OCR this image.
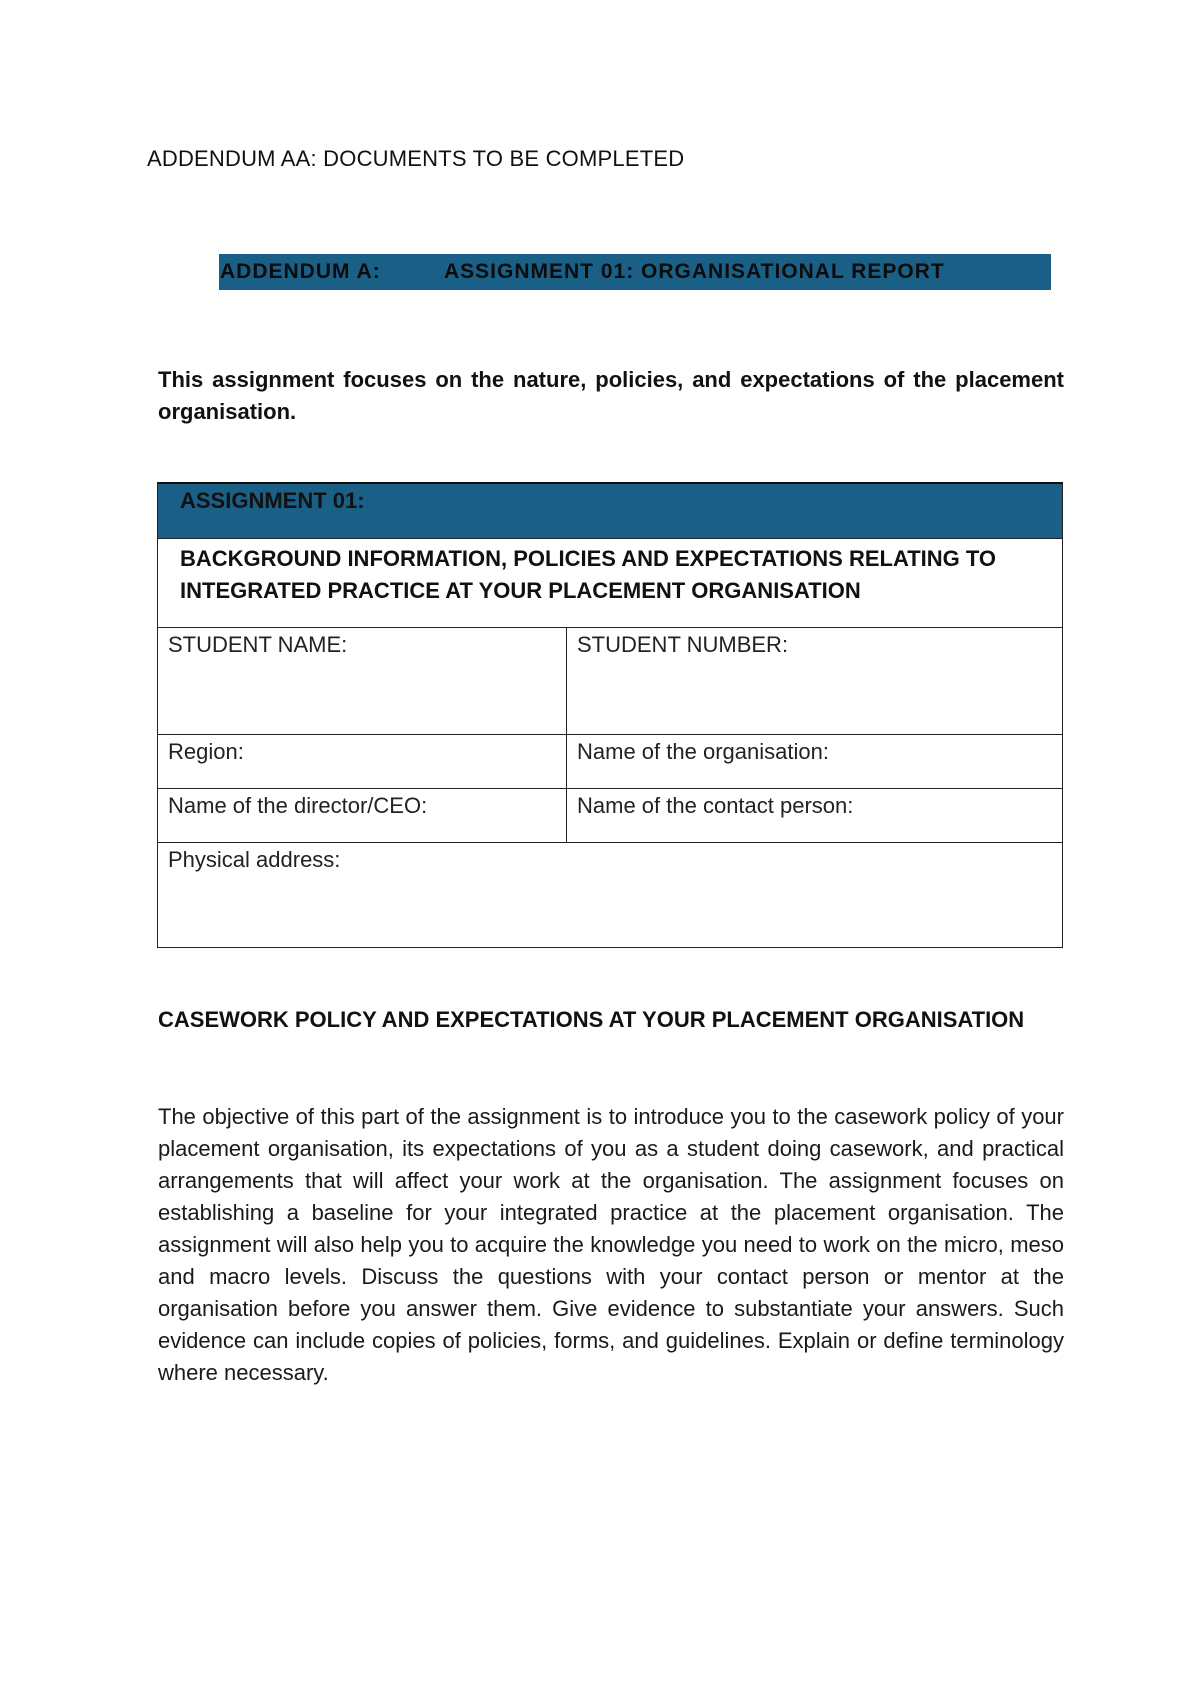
ADDENDUM AA: DOCUMENTS TO BE COMPLETED
ADDENDUM A:	ASSIGNMENT 01: ORGANISATIONAL REPORT
This assignment focuses on the nature, policies, and expectations of the placement organisation.
ASSIGNMENT 01:	
BACKGROUND INFORMATION, POLICIES AND EXPECTATIONS RELATING TO INTEGRATED PRACTICE AT YOUR PLACEMENT ORGANISATION	
STUDENT NAME:	STUDENT NUMBER:
Region:	Name of the organisation:
Name of the director/CEO:	Name of the contact person:
Physical address:	
CASEWORK POLICY AND EXPECTATIONS AT YOUR PLACEMENT ORGANISATION
The objective of this part of the assignment is to introduce you to the casework policy of your placement organisation, its expectations of you as a student doing casework, and practical arrangements that will affect your work at the organisation. The assignment focuses on establishing a baseline for your integrated practice at the placement organisation. The assignment will also help you to acquire the knowledge you need to work on the micro, meso and macro levels. Discuss the questions with your contact person or mentor at the organisation before you answer them. Give evidence to substantiate your answers. Such evidence can include copies of policies, forms, and guidelines. Explain or define terminology where necessary.
